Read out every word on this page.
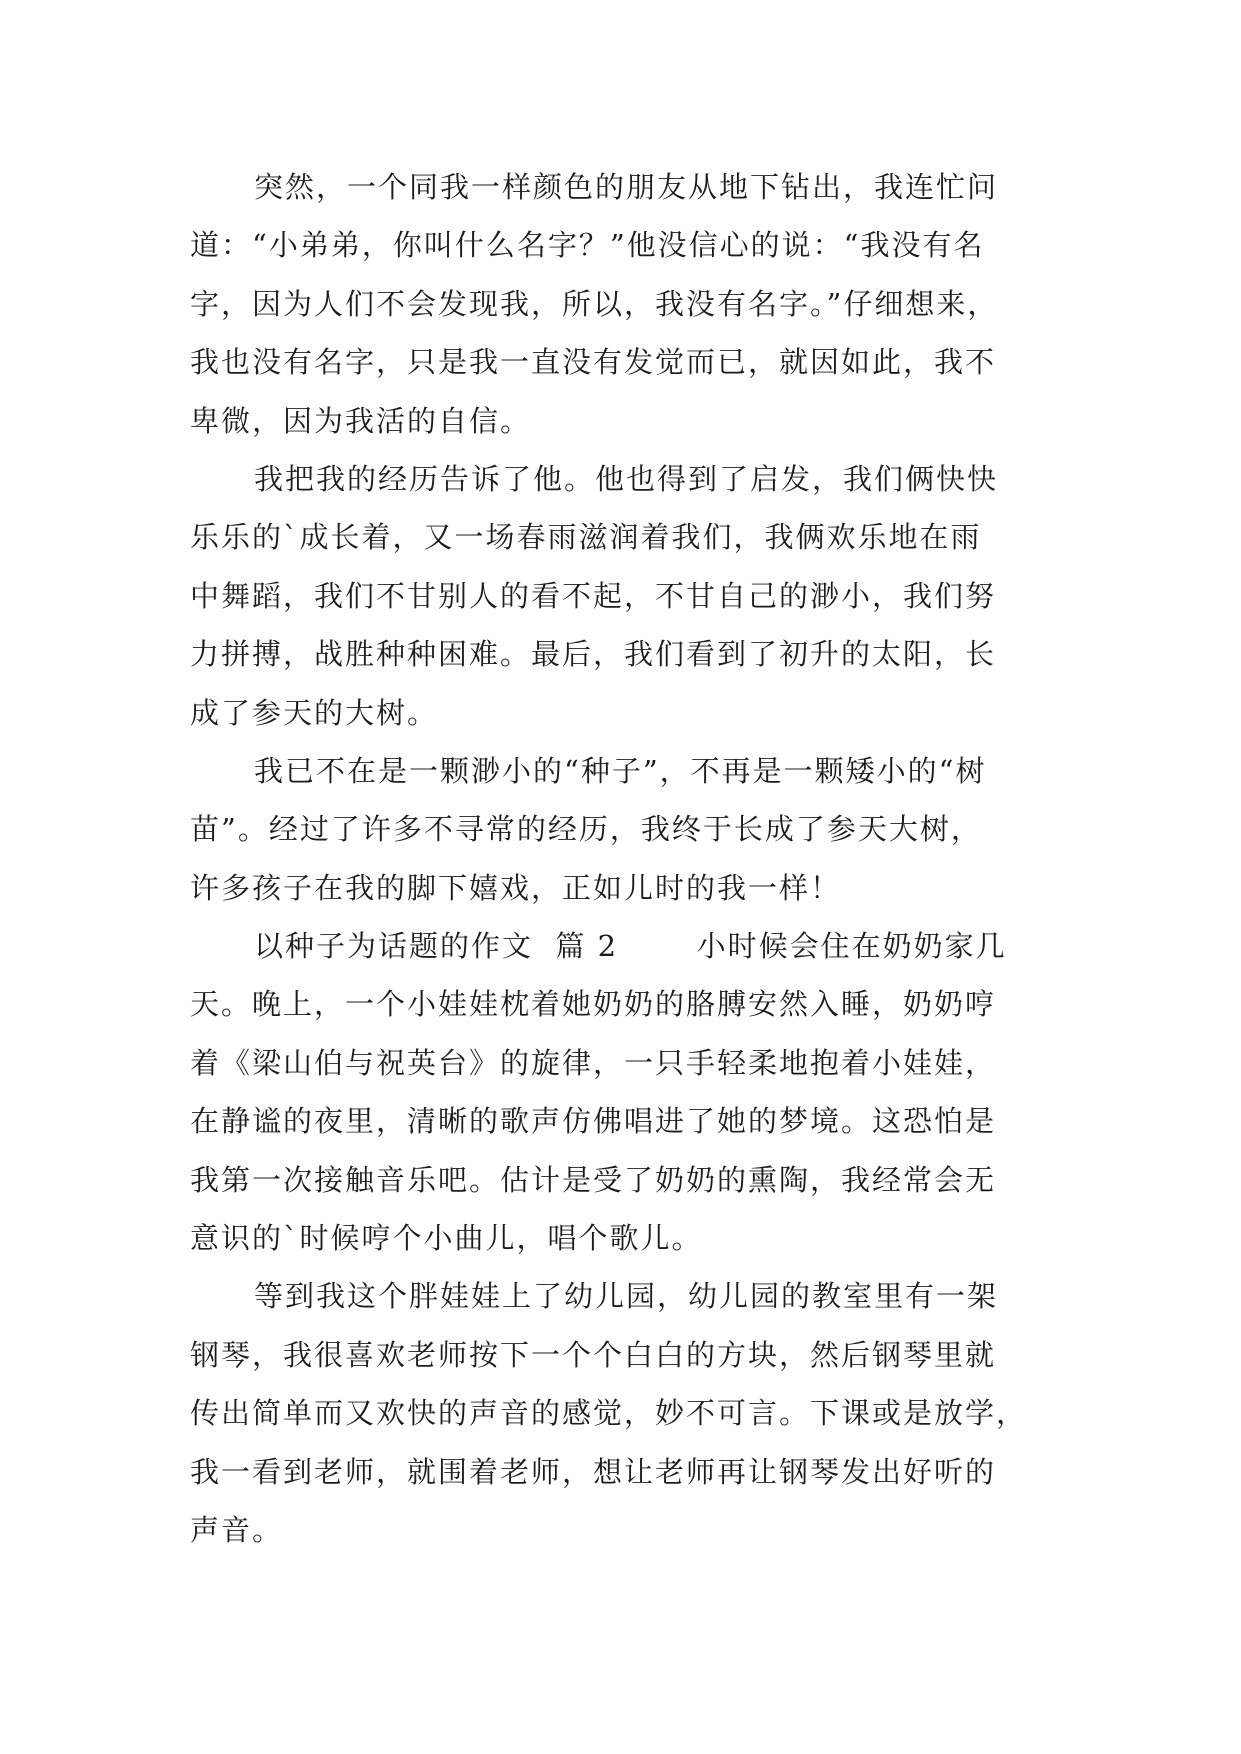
突然，一个同我一样颜色的朋友从地下钻出，我连忙问
道：“小弟弟，你叫什么名字？”他没信心的说：“我没有名
字，因为人们不会发现我，所以，我没有名字。”仔细想来，
我也没有名字，只是我一直没有发觉而已，就因如此，我不
卑微，因为我活的自信。
我把我的经历告诉了他。他也得到了启发，我们俩快快
乐乐的`成长着，又一场春雨滋润着我们，我俩欢乐地在雨
中舞蹈，我们不甘别人的看不起，不甘自己的渺小，我们努
力拼搏，战胜种种困难。最后，我们看到了初升的太阳，长
成了参天的大树。
我已不在是一颗渺小的“种子”，不再是一颗矮小的“树
苗”。经过了许多不寻常的经历，我终于长成了参天大树，
许多孩子在我的脚下嬉戏，正如儿时的我一样！
以种子为话题的作文  篇 2	小时候会住在奶奶家几
天。晚上，一个小娃娃枕着她奶奶的胳膊安然入睡，奶奶哼
着《梁山伯与祝英台》的旋律，一只手轻柔地抱着小娃娃，
在静谧的夜里，清晰的歌声仿佛唱进了她的梦境。这恐怕是
我第一次接触音乐吧。估计是受了奶奶的熏陶，我经常会无
意识的`时候哼个小曲儿，唱个歌儿。
等到我这个胖娃娃上了幼儿园，幼儿园的教室里有一架
钢琴，我很喜欢老师按下一个个白白的方块，然后钢琴里就
传出简单而又欢快的声音的感觉，妙不可言。下课或是放学，
我一看到老师，就围着老师，想让老师再让钢琴发出好听的
声音。
